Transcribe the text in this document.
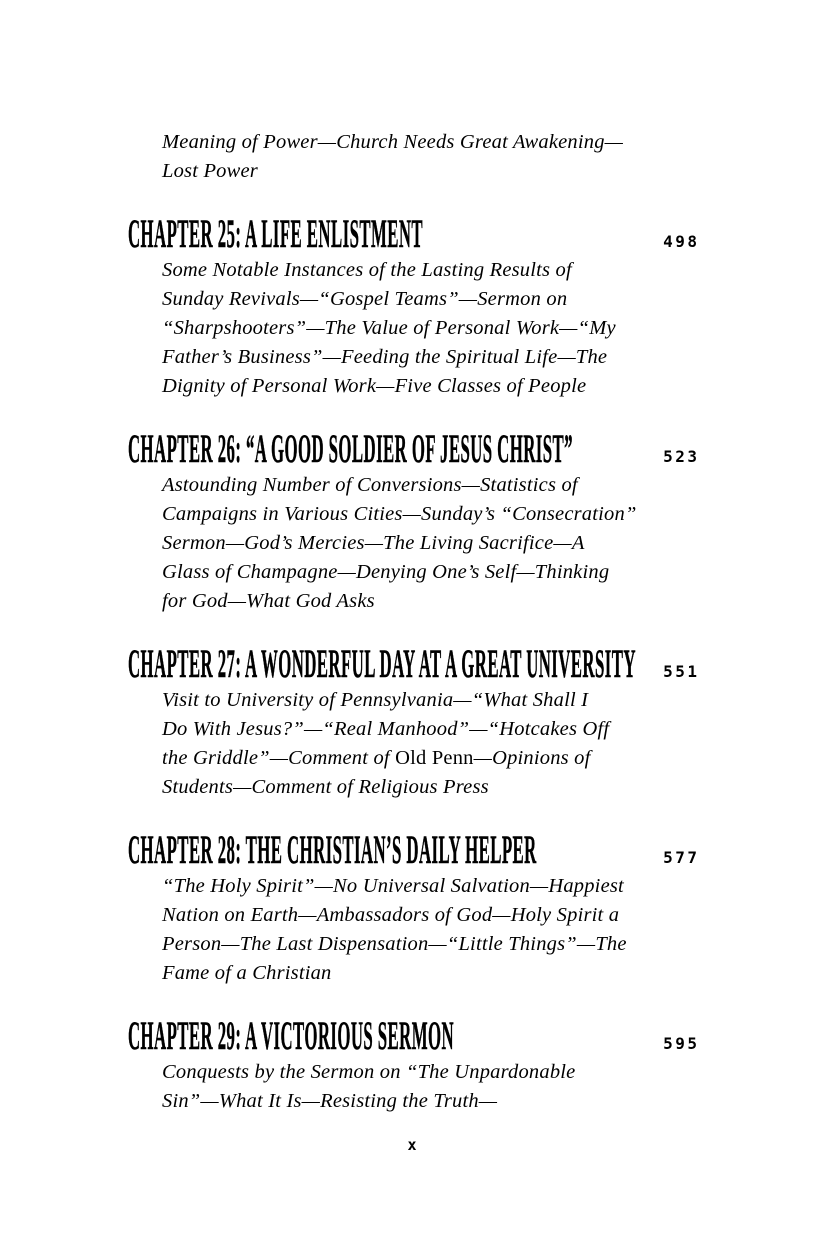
Meaning of Power—Church Needs Great Awakening—
Lost Power
CHAPTER 25: A LIFE ENLISTMENT	498
Some Notable Instances of the Lasting Results of
Sunday Revivals—“Gospel Teams”—Sermon on
“Sharpshooters”—The Value of Personal Work—“My
Father’s Business”—Feeding the Spiritual Life—The
Dignity of Personal Work—Five Classes of People
CHAPTER 26: “A GOOD SOLDIER OF JESUS CHRIST”	523
Astounding Number of Conversions—Statistics of
Campaigns in Various Cities—Sunday’s “Consecration”
Sermon—God’s Mercies—The Living Sacrifice—A
Glass of Champagne—Denying One’s Self—Thinking
for God—What God Asks
CHAPTER 27: A WONDERFUL DAY AT A GREAT UNIVERSITY	551
Visit to University of Pennsylvania—“What Shall I
Do With Jesus?”—“Real Manhood”—“Hotcakes Off
the Griddle”—Comment of Old Penn—Opinions of
Students—Comment of Religious Press
CHAPTER 28: THE CHRISTIAN’S DAILY HELPER	577
“The Holy Spirit”—No Universal Salvation—Happiest
Nation on Earth—Ambassadors of God—Holy Spirit a
Person—The Last Dispensation—“Little Things”—The
Fame of a Christian
CHAPTER 29: A VICTORIOUS SERMON	595
Conquests by the Sermon on “The Unpardonable
Sin”—What It Is—Resisting the Truth—
x
